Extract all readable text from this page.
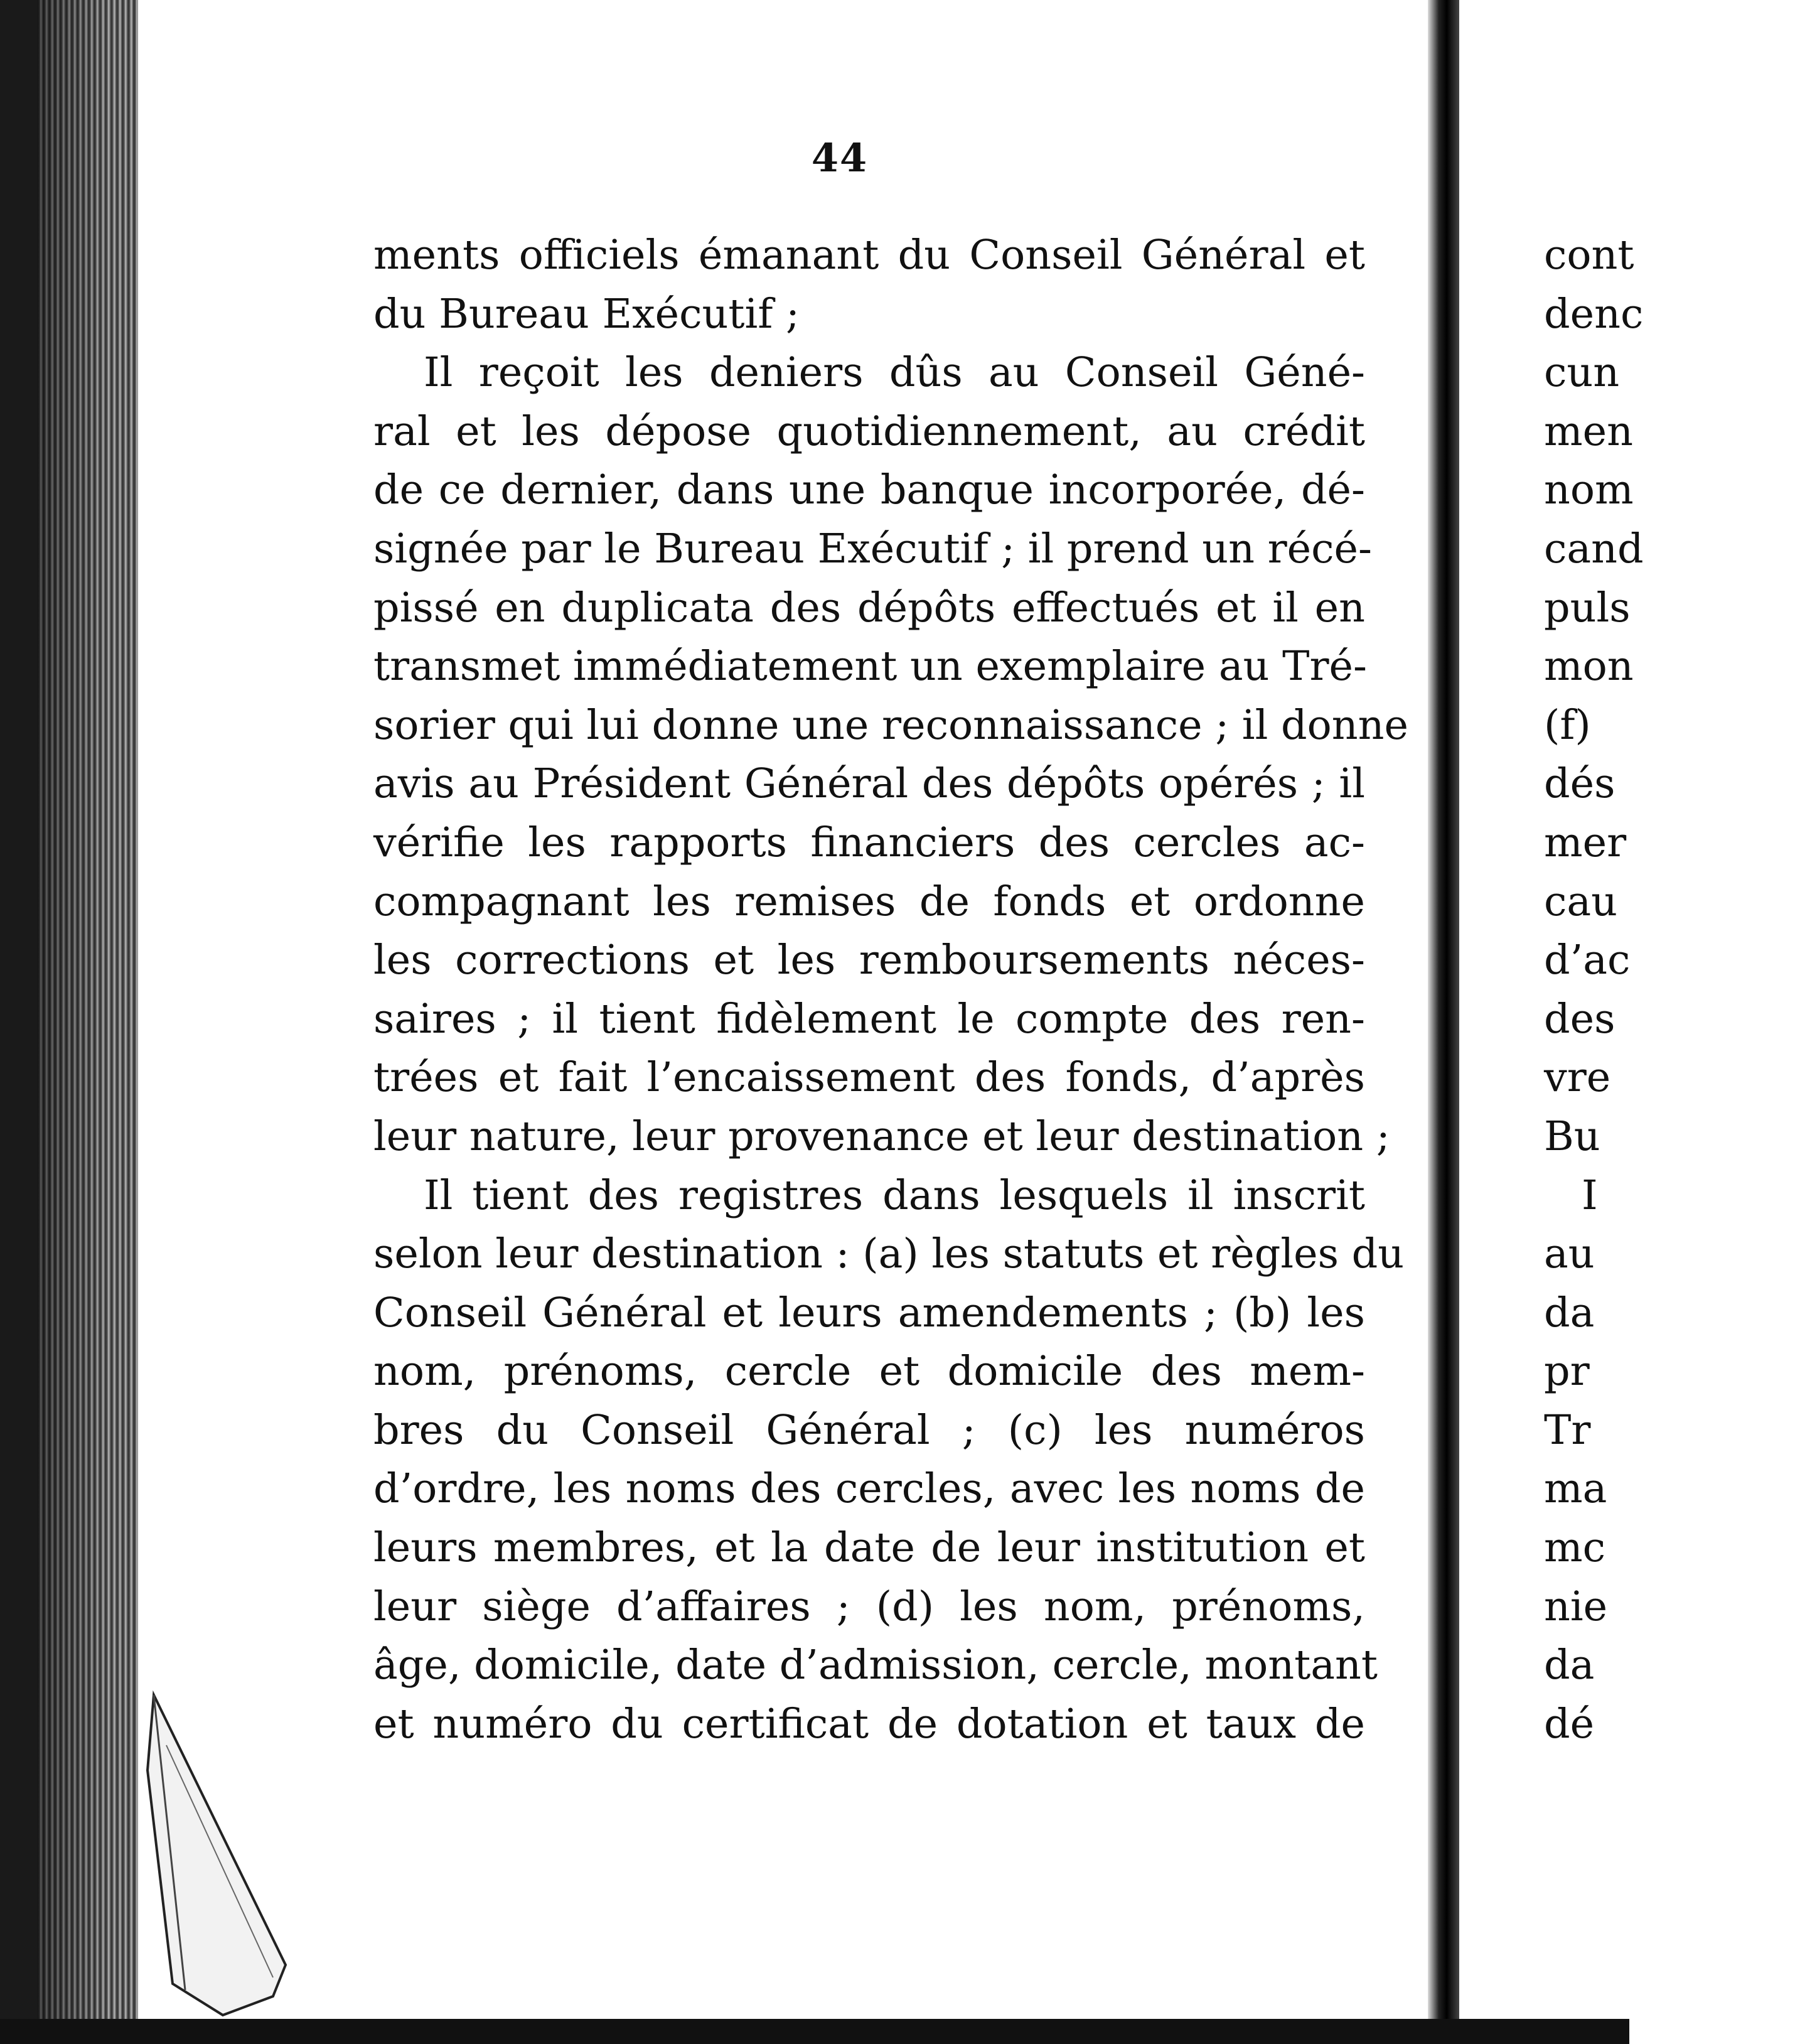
44
ments officiels émanant du Conseil Général et
du Bureau Exécutif ;
Il reçoit les deniers dûs au Conseil Géné-
ral et les dépose quotidiennement, au crédit
de ce dernier, dans une banque incorporée, dé-
signée par le Bureau Exécutif ; il prend un récé-
pissé en duplicata des dépôts effectués et il en
transmet immédiatement un exemplaire au Tré-
sorier qui lui donne une reconnaissance ; il donne
avis au Président Général des dépôts opérés ; il
vérifie les rapports financiers des cercles ac-
compagnant les remises de fonds et ordonne
les corrections et les remboursements néces-
saires ; il tient fidèlement le compte des ren-
trées et fait l’encaissement des fonds, d’après
leur nature, leur provenance et leur destination ;
Il tient des registres dans lesquels il inscrit
selon leur destination : (a) les statuts et règles du
Conseil Général et leurs amendements ; (b) les
nom, prénoms, cercle et domicile des mem-
bres du Conseil Général ; (c) les numéros
d’ordre, les noms des cercles, avec les noms de
leurs membres, et la date de leur institution et
leur siège d’affaires ; (d) les nom, prénoms,
âge, domicile, date d’admission, cercle, montant
et numéro du certificat de dotation et taux de
cont
denc
cun
men
nom
cand
puls
mon
(f)
dés
mer
cau
d’ac
des
vre
Bu
I
au
da
pr
Tr
ma
mc
nie
da
dé
